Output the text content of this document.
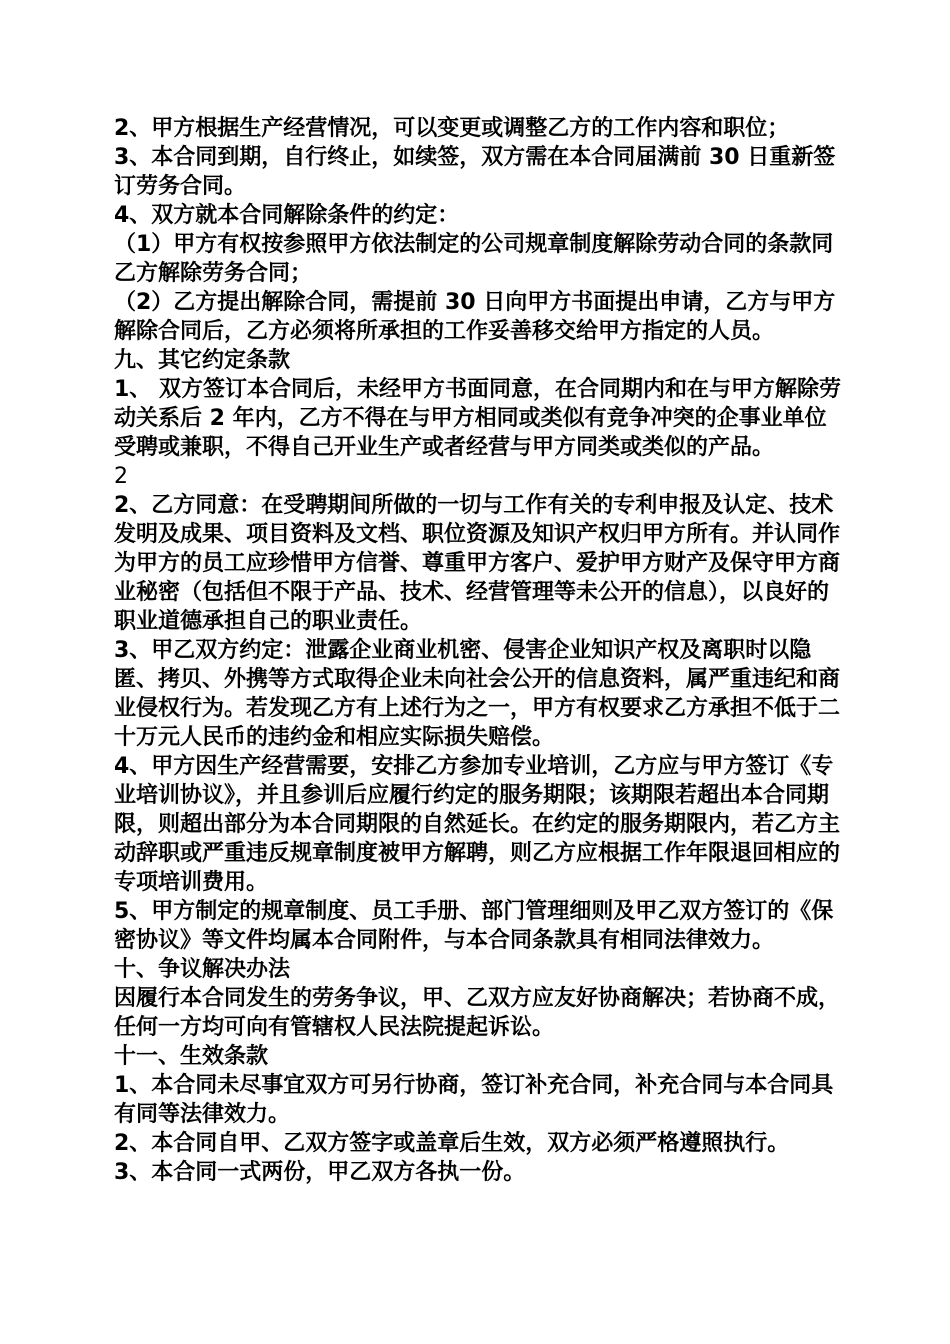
2、甲方根据生产经营情况，可以变更或调整乙方的工作内容和职位；

3、本合同到期，自行终止，如续签，双方需在本合同届满前 30 日重新签订劳务合同。

4、双方就本合同解除条件的约定：

（1）甲方有权按参照甲方依法制定的公司规章制度解除劳动合同的条款同乙方解除劳务合同；

（2）乙方提出解除合同，需提前 30 日向甲方书面提出申请，乙方与甲方解除合同后，乙方必须将所承担的工作妥善移交给甲方指定的人员。

九、其它约定条款

1、 双方签订本合同后，未经甲方书面同意，在合同期内和在与甲方解除劳动关系后 2 年内，乙方不得在与甲方相同或类似有竞争冲突的企事业单位受聘或兼职，不得自己开业生产或者经营与甲方同类或类似的产品。

2

2、乙方同意：在受聘期间所做的一切与工作有关的专利申报及认定、技术发明及成果、项目资料及文档、职位资源及知识产权归甲方所有。并认同作为甲方的员工应珍惜甲方信誉、尊重甲方客户、爱护甲方财产及保守甲方商业秘密（包括但不限于产品、技术、经营管理等未公开的信息），以良好的职业道德承担自己的职业责任。

3、甲乙双方约定：泄露企业商业机密、侵害企业知识产权及离职时以隐匿、拷贝、外携等方式取得企业未向社会公开的信息资料，属严重违纪和商业侵权行为。若发现乙方有上述行为之一，甲方有权要求乙方承担不低于二十万元人民币的违约金和相应实际损失赔偿。

4、甲方因生产经营需要，安排乙方参加专业培训，乙方应与甲方签订《专业培训协议》，并且参训后应履行约定的服务期限；该期限若超出本合同期限，则超出部分为本合同期限的自然延长。在约定的服务期限内，若乙方主动辞职或严重违反规章制度被甲方解聘，则乙方应根据工作年限退回相应的专项培训费用。

5、甲方制定的规章制度、员工手册、部门管理细则及甲乙双方签订的《保密协议》等文件均属本合同附件，与本合同条款具有相同法律效力。

十、争议解决办法

因履行本合同发生的劳务争议，甲、乙双方应友好协商解决；若协商不成，任何一方均可向有管辖权人民法院提起诉讼。

十一、生效条款

1、本合同未尽事宜双方可另行协商，签订补充合同，补充合同与本合同具有同等法律效力。

2、本合同自甲、乙双方签字或盖章后生效，双方必须严格遵照执行。

3、本合同一式两份，甲乙双方各执一份。
